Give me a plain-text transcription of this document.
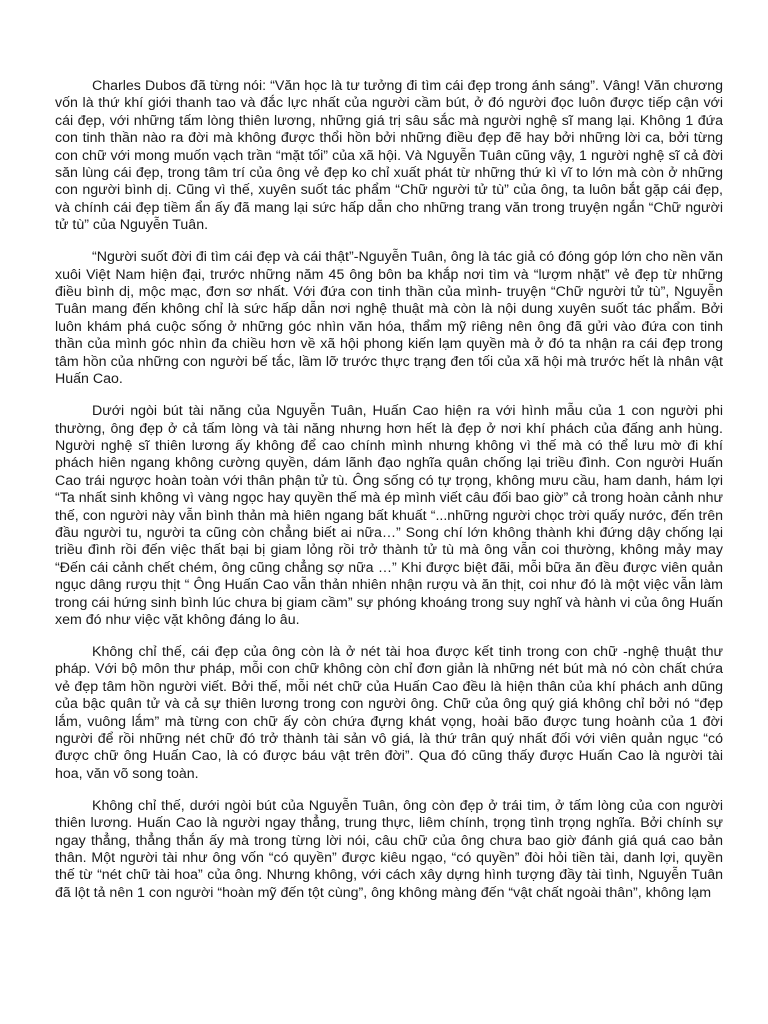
Charles Dubos đã từng nói: “Văn học là tư tưởng đi tìm cái đẹp trong ánh sáng”. Vâng! Văn chương vốn là thứ khí giới thanh tao và đắc lực nhất của người cầm bút, ở đó người đọc luôn được tiếp cận với cái đẹp, với những tấm lòng thiên lương, những giá trị sâu sắc mà người nghệ sĩ mang lại. Không 1 đứa con tinh thần nào ra đời mà không được thổi hồn bởi những điều đẹp đẽ hay bởi những lời ca, bởi từng con chữ với mong muốn vạch trần “mặt tối” của xã hội. Và Nguyễn Tuân cũng vậy, 1 người nghệ sĩ cả đời săn lùng cái đẹp, trong tâm trí của ông vẻ đẹp ko chỉ xuất phát từ những thứ kì vĩ to lớn mà còn ở những con người bình dị. Cũng vì thế, xuyên suốt tác phẩm “Chữ người tử tù” của ông, ta luôn bắt gặp cái đẹp, và chính cái đẹp tiềm ẩn ấy đã mang lại sức hấp dẫn cho những trang văn trong truyện ngắn “Chữ người tử tù” của Nguyễn Tuân.

“Người suốt đời đi tìm cái đẹp và cái thật”-Nguyễn Tuân, ông là tác giả có đóng góp lớn cho nền văn xuôi Việt Nam hiện đại, trước những năm 45 ông bôn ba khắp nơi tìm và “lượm nhặt” vẻ đẹp từ những điều bình dị, mộc mạc, đơn sơ nhất. Với đứa con tinh thần của mình- truyện “Chữ người tử tù”, Nguyễn Tuân mang đến không chỉ là sức hấp dẫn nơi nghệ thuật mà còn là nội dung xuyên suốt tác phẩm. Bởi luôn khám phá cuộc sống ở những góc nhìn văn hóa, thẩm mỹ riêng nên ông đã gửi vào đứa con tinh thần của mình góc nhìn đa chiều hơn về xã hội phong kiến lạm quyền mà ở đó ta nhận ra cái đẹp trong tâm hồn của những con người bế tắc, lầm lỡ trước thực trạng đen tối của xã hội mà trước hết là nhân vật Huấn Cao.

Dưới ngòi bút tài năng của Nguyễn Tuân, Huấn Cao hiện ra với hình mẫu của 1 con người phi thường, ông đẹp ở cả tấm lòng và tài năng nhưng hơn hết là đẹp ở nơi khí phách của đấng anh hùng. Người nghệ sĩ thiên lương ấy không để cao chính mình nhưng không vì thế mà có thể lưu mờ đi khí phách hiên ngang không cường quyền, dám lãnh đạo nghĩa quân chống lại triều đình. Con người Huấn Cao trái ngược hoàn toàn với thân phận tử tù. Ông sống có tự trọng, không mưu cầu, ham danh, hám lợi “Ta nhất sinh không vì vàng ngọc hay quyền thế mà ép mình viết câu đối bao giờ” cả trong hoàn cảnh như thế, con người này vẫn bình thản mà hiên ngang bất khuất “...những người chọc trời quấy nước, đến trên đầu người tu, người ta cũng còn chẳng biết ai nữa…” Song chí lớn không thành khi đứng dậy chống lại triều đình rồi đến việc thất bại bị giam lỏng rồi trở thành tử tù mà ông vẫn coi thường, không mảy may “Đến cái cảnh chết chém, ông cũng chẳng sợ nữa …” Khi được biệt đãi, mỗi bữa ăn đều được viên quản ngục dâng rượu thịt “ Ông Huấn Cao vẫn thản nhiên nhận rượu và ăn thịt, coi như đó là một việc vẫn làm trong cái hứng sinh bình lúc chưa bị giam cầm” sự phóng khoáng trong suy nghĩ và hành vi của ông Huấn xem đó như việc vặt không đáng lo âu.

Không chỉ thế, cái đẹp của ông còn là ở nét tài hoa được kết tinh trong con chữ -nghệ thuật thư pháp. Với bộ môn thư pháp, mỗi con chữ không còn chỉ đơn giản là những nét bút mà nó còn chất chứa vẻ đẹp tâm hồn người viết. Bởi thế, mỗi nét chữ của Huấn Cao đều là hiện thân của khí phách anh dũng của bậc quân tử và cả sự thiên lương trong con người ông. Chữ của ông quý giá không chỉ bởi nó “đẹp lắm, vuông lắm” mà từng con chữ ấy còn chứa đựng khát vọng, hoài bão được tung hoành của 1 đời người để rồi những nét chữ đó trở thành tài sản vô giá, là thứ trân quý nhất đối với viên quản ngục “có được chữ ông Huấn Cao, là có được báu vật trên đời”. Qua đó cũng thấy được Huấn Cao là người tài hoa, văn võ song toàn.

Không chỉ thế, dưới ngòi bút của Nguyễn Tuân, ông còn đẹp ở trái tim, ở tấm lòng của con người thiên lương. Huấn Cao là người ngay thẳng, trung thực, liêm chính, trọng tình trọng nghĩa. Bởi chính sự ngay thẳng, thẳng thắn ấy mà trong từng lời nói, câu chữ của ông chưa bao giờ đánh giá quá cao bản thân. Một người tài như ông vốn “có quyền” được kiêu ngạo, “có quyền” đòi hỏi tiền tài, danh lợi, quyền thế từ “nét chữ tài hoa” của ông. Nhưng không, với cách xây dựng hình tượng đầy tài tình, Nguyễn Tuân đã lột tả nên 1 con người “hoàn mỹ đến tột cùng”, ông không màng đến “vật chất ngoài thân”, không lạm
